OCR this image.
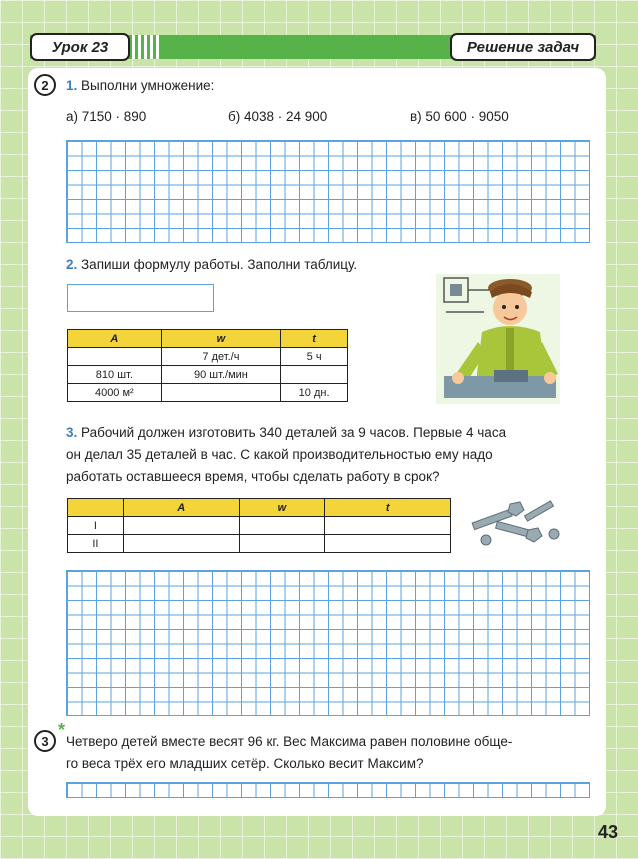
Урок 23	Решение задач
2	1. Выполни умножение:
а) 7150 · 890	б) 4038 · 24 900	в) 50 600 · 9050
2. Запиши формулу работы. Заполни таблицу.
A	w	t
	7 дет./ч	5 ч
810 шт.	90 шт./мин	
4000 м²		10 дн.
3. Рабочий должен изготовить 340 деталей за 9 часов. Первые 4 часа
он делал 35 деталей в час. С какой производительностью ему надо
работать оставшееся время, чтобы сделать работу в срок?
	A	w	t
I			
II			
3
*
Четверо детей вместе весят 96 кг. Вес Максима равен половине обще-
го веса трёх его младших сетёр. Сколько весит Максим?
43
